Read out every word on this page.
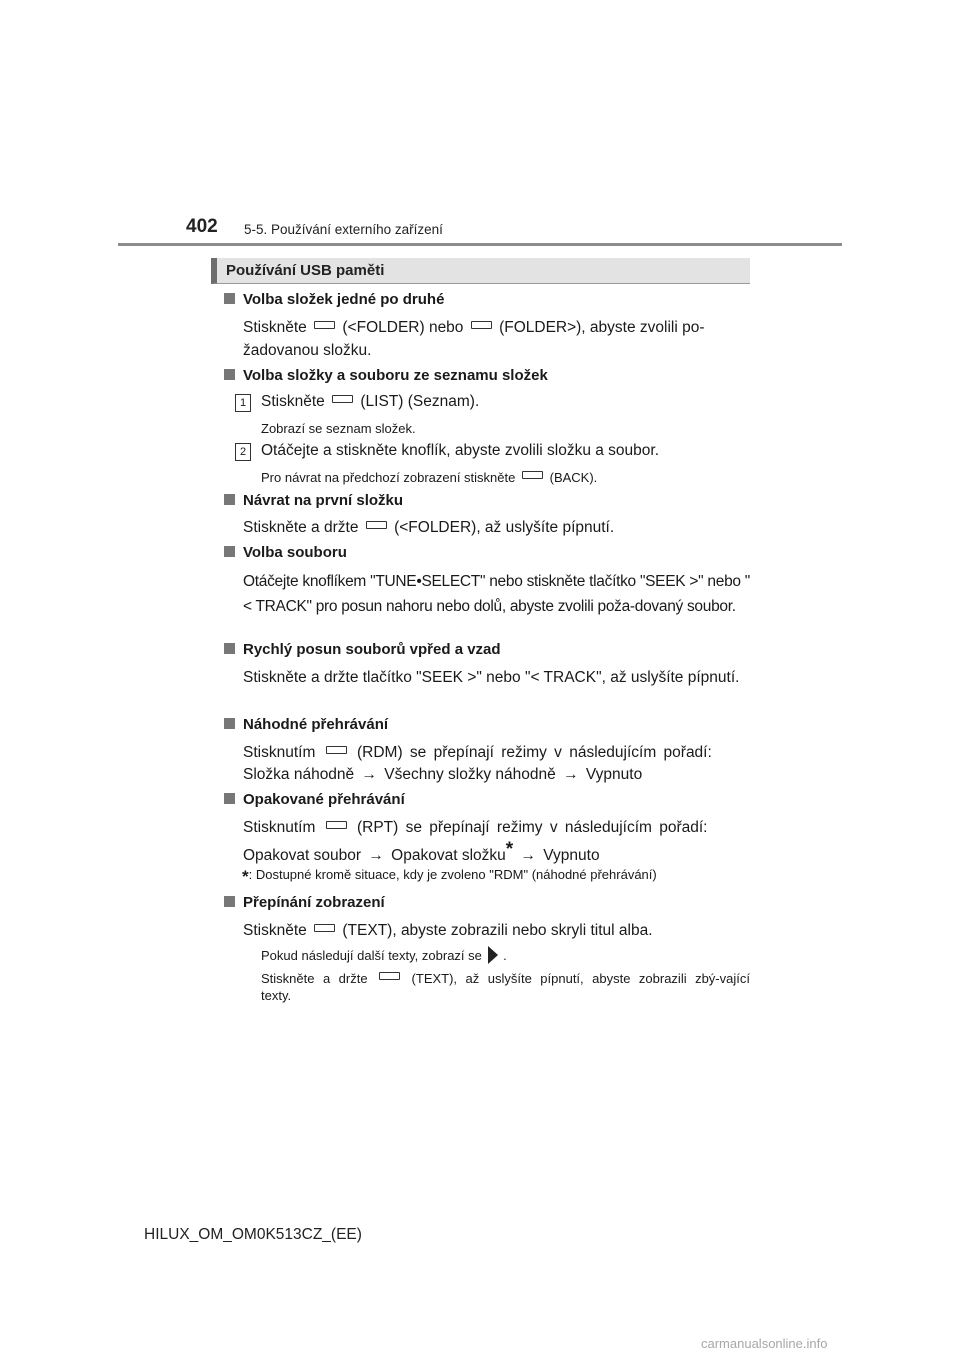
402 5-5. Používání externího zařízení
Používání USB paměti
Volba složek jedné po druhé
Stiskněte (<FOLDER) nebo (FOLDER>), abyste zvolili po-
žadovanou složku.
Volba složky a souboru ze seznamu složek
1 Stiskněte (LIST) (Seznam).
Zobrazí se seznam složek.
2 Otáčejte a stiskněte knoflík, abyste zvolili složku a soubor.
Pro návrat na předchozí zobrazení stiskněte	(BACK).
Návrat na první složku
Stiskněte a držte (<FOLDER), až uslyšíte pípnutí.
Volba souboru
Otáčejte knoflíkem "TUNE•SELECT" nebo stiskněte tlačítko "SEEK >" nebo "< TRACK" pro posun nahoru nebo dolů, abyste zvolili poža-dovaný soubor.
Rychlý posun souborů vpřed a vzad
Stiskněte a držte tlačítko "SEEK >" nebo "< TRACK", až uslyšíte pípnutí.
Náhodné přehrávání
Stisknutím	(RDM) se přepínají režimy v následujícím pořadí:
Složka náhodně → Všechny složky náhodně → Vypnuto
Opakované přehrávání
Stisknutím	(RPT) se přepínají režimy v následujícím pořadí:
Opakovat soubor → Opakovat složku* → Vypnuto
*: Dostupné kromě situace, kdy je zvoleno "RDM" (náhodné přehrávání)
Přepínání zobrazení
Stiskněte (TEXT), abyste zobrazili nebo skryli titul alba.
Pokud následují další texty, zobrazí se .
Stiskněte a držte	(TEXT), až uslyšíte pípnutí, abyste zobrazili zbý-vající texty.
HILUX_OM_OM0K513CZ_(EE)
carmanualsonline.info
